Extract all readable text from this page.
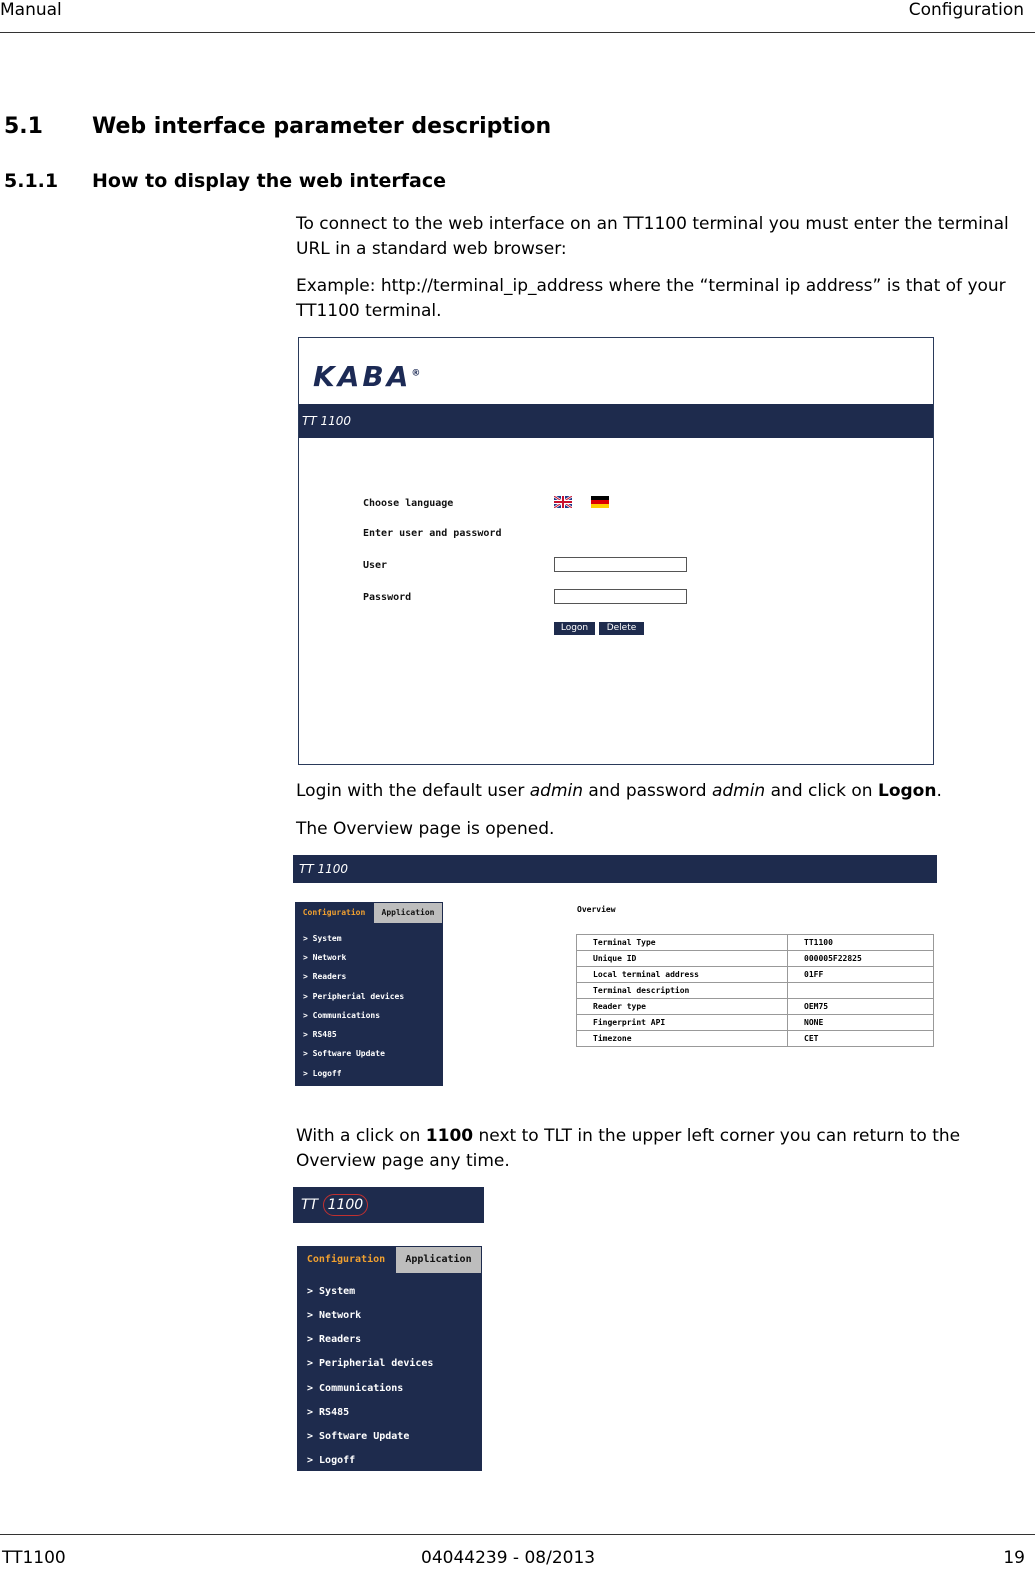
Manual	Configuration
5.1 Web interface parameter description
5.1.1 How to display the web interface

To connect to the web interface on an TT1100 terminal you must enter the terminal URL in a standard web browser:

Example: http://terminal_ip_address where the “terminal ip address” is that of your TT1100 terminal.

KABA®
TT 1100
Choose language
Enter user and password
User
Password
Logon	Delete

Login with the default user admin and password admin and click on Logon.

The Overview page is opened.

TT 1100
Configuration	Application
> System
> Network
> Readers
> Peripherial devices
> Communications
> RS485
> Software Update
> Logoff
Overview
Terminal Type	TT1100
Unique ID	000005F22825
Local terminal address	01FF
Terminal description	
Reader type	OEM75
Fingerprint API	NONE
Timezone	CET

With a click on 1100 next to TLT in the upper left corner you can return to the Overview page any time.

TT 1100
Configuration	Application
> System
> Network
> Readers
> Peripherial devices
> Communications
> RS485
> Software Update
> Logoff
TT1100	04044239 - 08/2013	19
